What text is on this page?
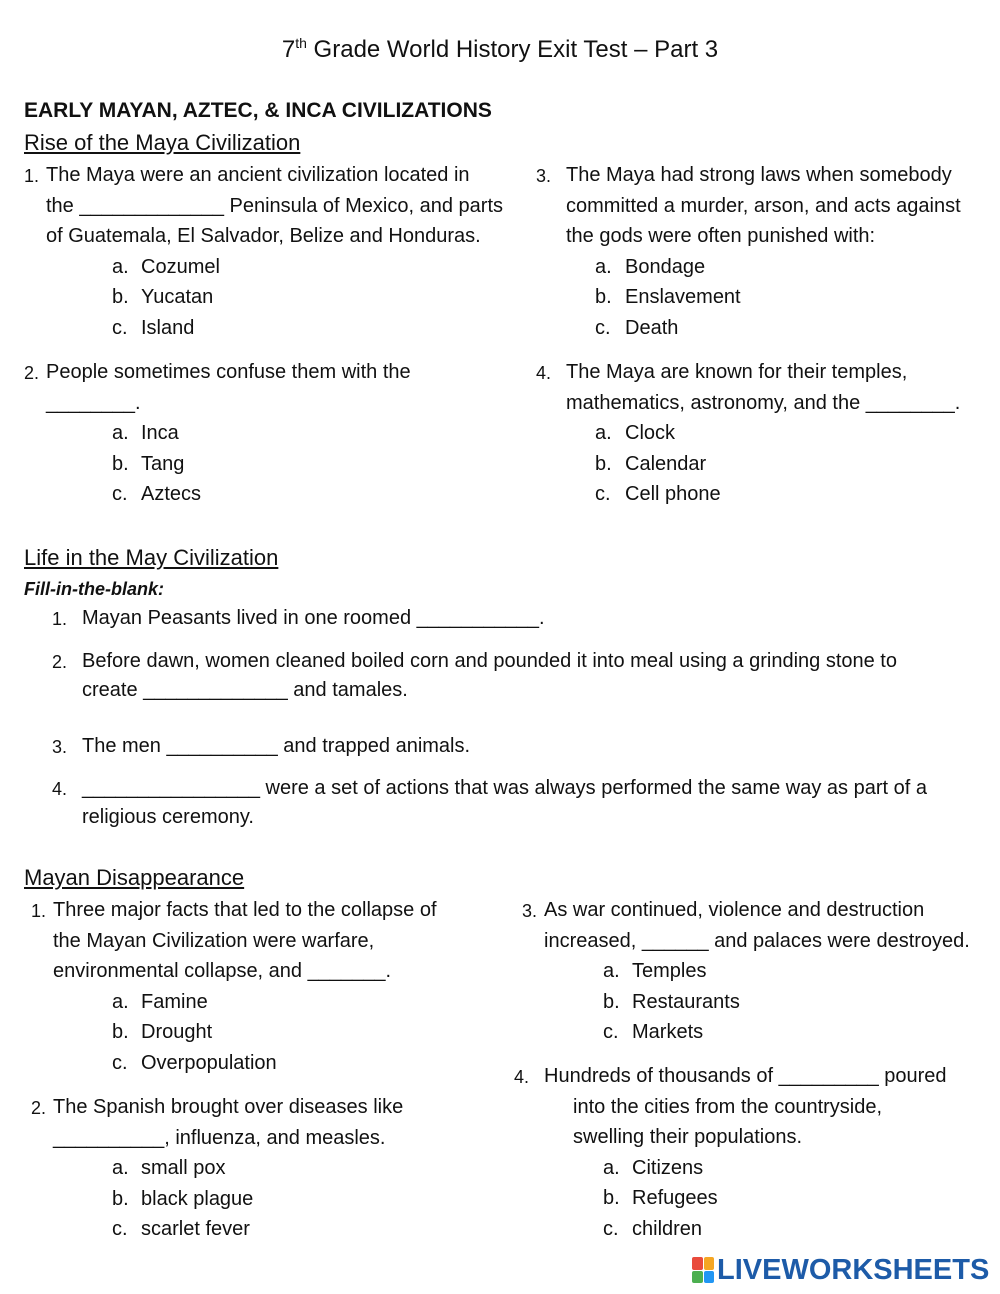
7th Grade World History Exit Test – Part 3
EARLY MAYAN, AZTEC, & INCA CIVILIZATIONS
Rise of the Maya Civilization
1. The Maya were an ancient civilization located in
the _____________ Peninsula of Mexico, and parts
of Guatemala, El Salvador, Belize and Honduras.
a. Cozumel
b. Yucatan
c. Island
2. People sometimes confuse them with the
________.
a. Inca
b. Tang
c. Aztecs
3. The Maya had strong laws when somebody
committed a murder, arson, and acts against
the gods were often punished with:
a. Bondage
b. Enslavement
c. Death
4. The Maya are known for their temples,
mathematics, astronomy, and the ________.
a. Clock
b. Calendar
c. Cell phone
Life in the May Civilization
Fill-in-the-blank:
1. Mayan Peasants lived in one roomed ___________.
2. Before dawn, women cleaned boiled corn and pounded it into meal using a grinding stone to
create _____________ and tamales.
3. The men __________ and trapped animals.
4. ________________ were a set of actions that was always performed the same way as part of a
religious ceremony.
Mayan Disappearance
1. Three major facts that led to the collapse of
the Mayan Civilization were warfare,
environmental collapse, and _______.
a. Famine
b. Drought
c. Overpopulation
2. The Spanish brought over diseases like
__________, influenza, and measles.
a. small pox
b. black plague
c. scarlet fever
3. As war continued, violence and destruction
increased, ______ and palaces were destroyed.
a. Temples
b. Restaurants
c. Markets
4. Hundreds of thousands of _________ poured
into the cities from the countryside,
swelling their populations.
a. Citizens
b. Refugees
c. children
LIVEWORKSHEETS
